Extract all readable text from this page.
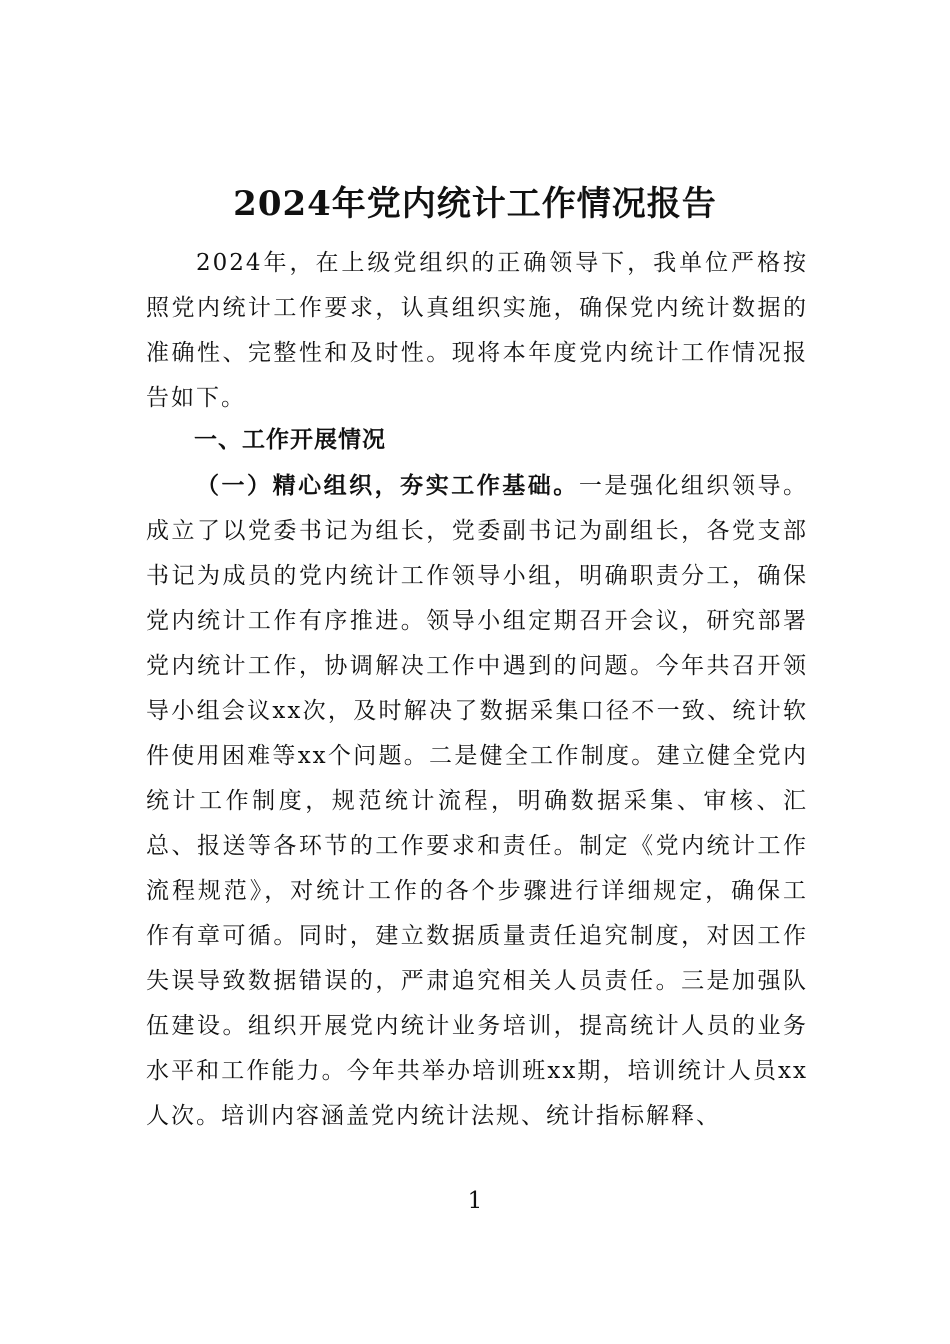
2024年党内统计工作情况报告

2024年，在上级党组织的正确领导下，我单位严格按照党内统计工作要求，认真组织实施，确保党内统计数据的准确性、完整性和及时性。现将本年度党内统计工作情况报告如下。

一、工作开展情况

（一）精心组织，夯实工作基础。一是强化组织领导。成立了以党委书记为组长，党委副书记为副组长，各党支部书记为成员的党内统计工作领导小组，明确职责分工，确保党内统计工作有序推进。领导小组定期召开会议，研究部署党内统计工作，协调解决工作中遇到的问题。今年共召开领导小组会议xx次，及时解决了数据采集口径不一致、统计软件使用困难等xx个问题。二是健全工作制度。建立健全党内统计工作制度，规范统计流程，明确数据采集、审核、汇总、报送等各环节的工作要求和责任。制定《党内统计工作流程规范》，对统计工作的各个步骤进行详细规定，确保工作有章可循。同时，建立数据质量责任追究制度，对因工作失误导致数据错误的，严肃追究相关人员责任。三是加强队伍建设。组织开展党内统计业务培训，提高统计人员的业务水平和工作能力。今年共举办培训班xx期，培训统计人员xx人次。培训内容涵盖党内统计法规、统计指标解释、

1
